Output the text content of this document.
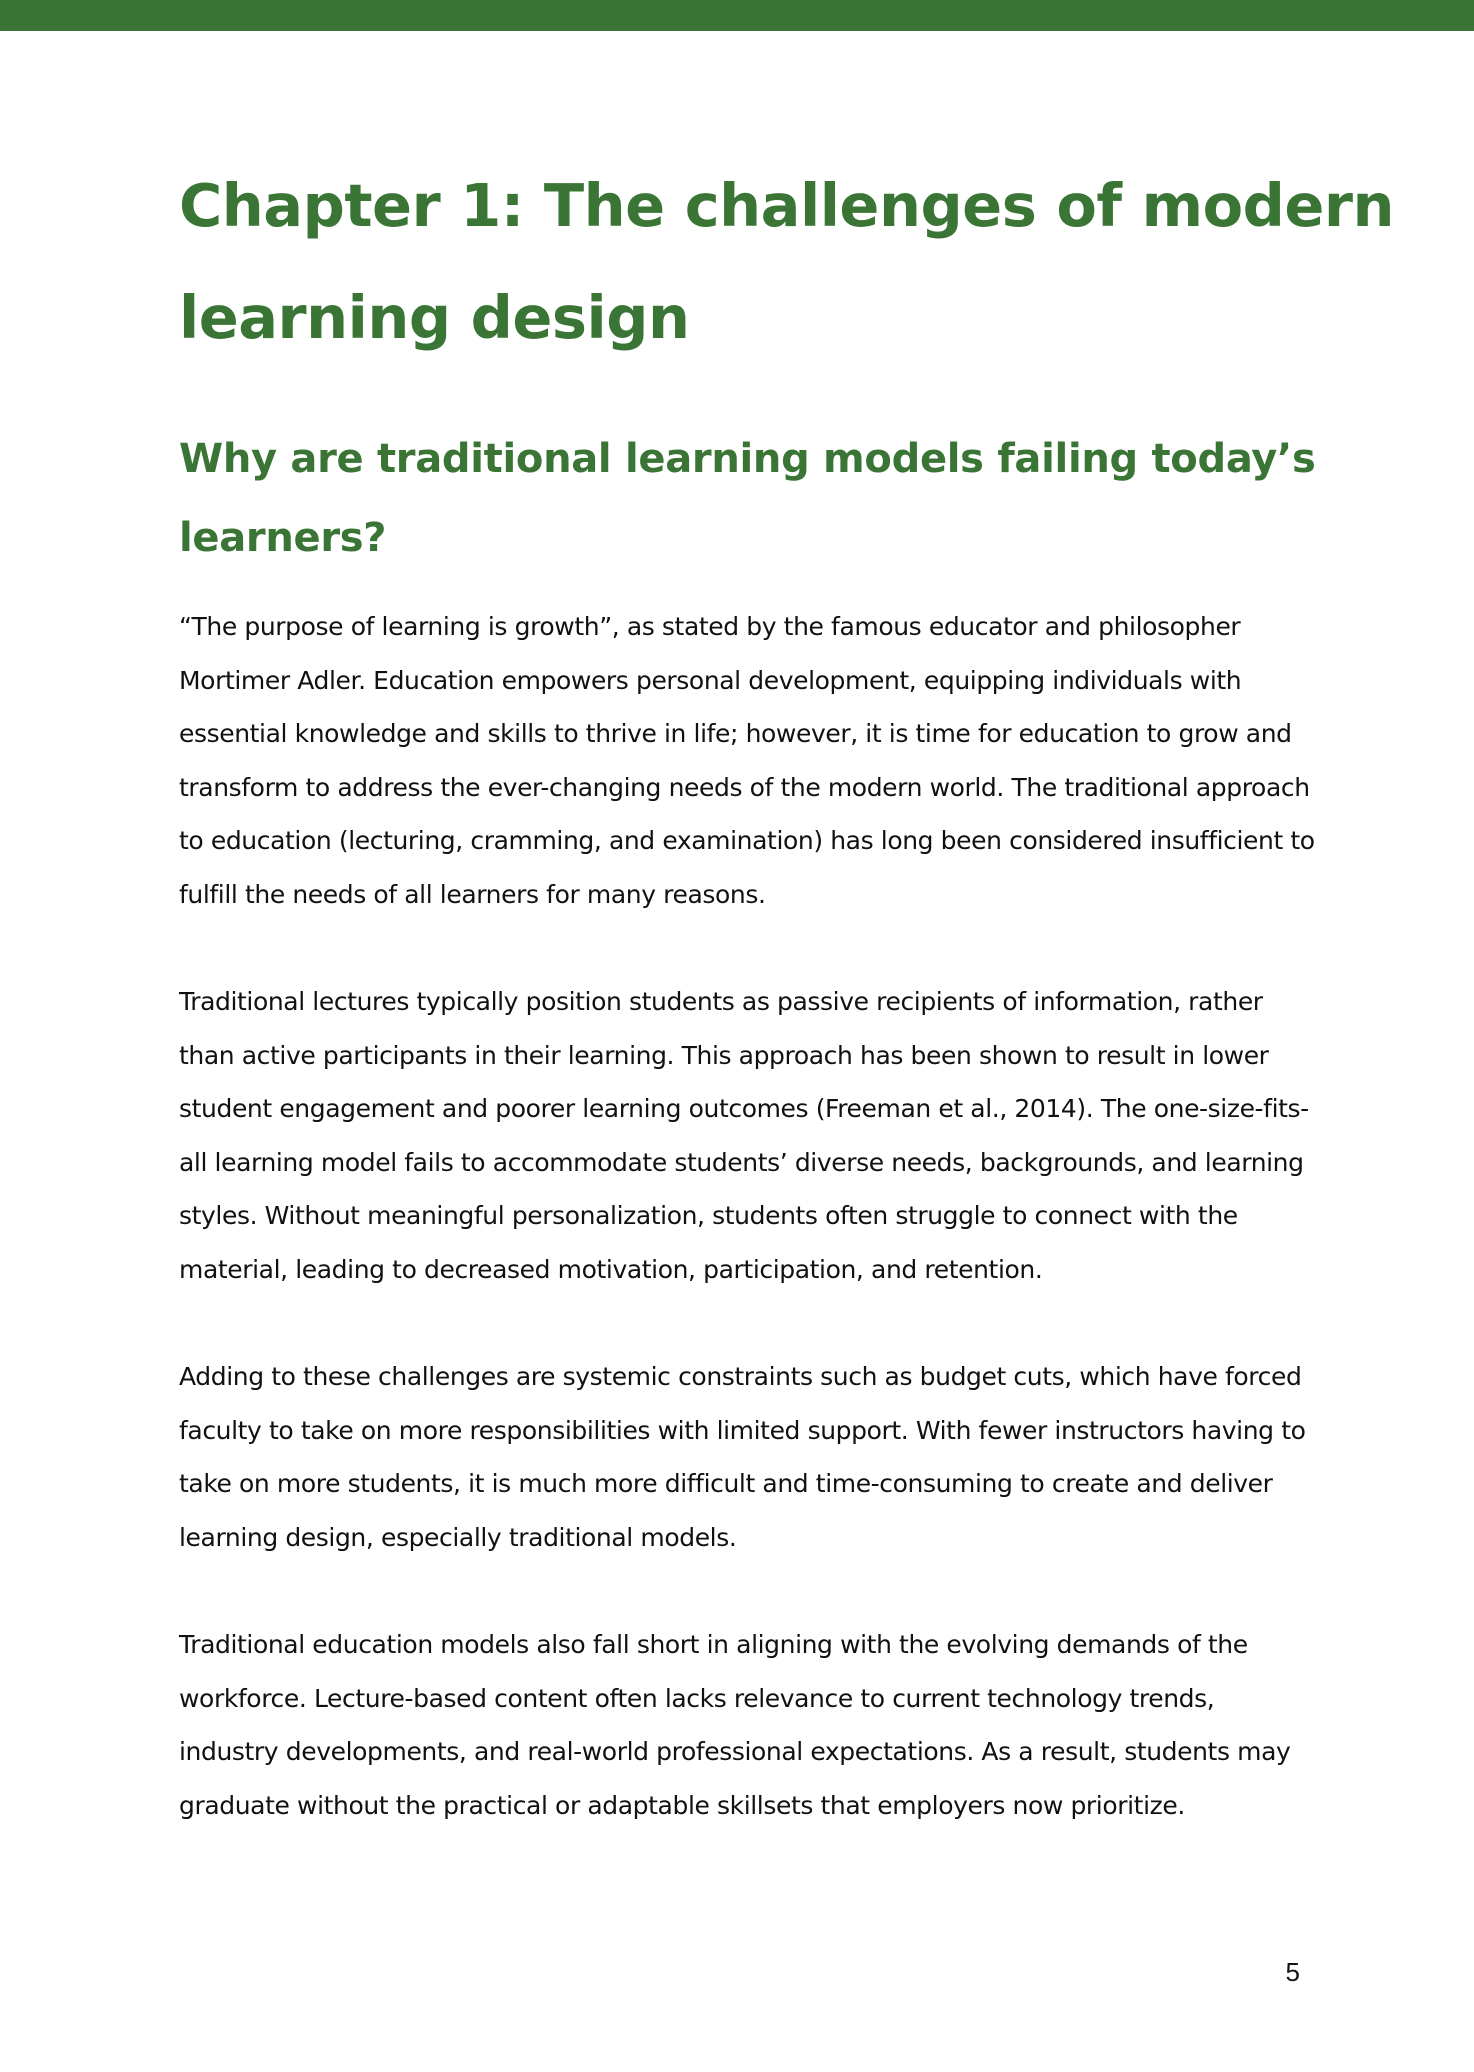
Chapter 1: The challenges of modern
learning design
Why are traditional learning models failing today’s
learners?

“The purpose of learning is growth”, as stated by the famous educator and philosopher Mortimer Adler. Education empowers personal development, equipping individuals with essential knowledge and skills to thrive in life; however, it is time for education to grow and transform to address the ever-changing needs of the modern world. The traditional approach to education (lecturing, cramming, and examination) has long been considered insufficient to fulfill the needs of all learners for many reasons.

Traditional lectures typically position students as passive recipients of information, rather than active participants in their learning. This approach has been shown to result in lower student engagement and poorer learning outcomes (Freeman et al., 2014). The one-size-fits-all learning model fails to accommodate students’ diverse needs, backgrounds, and learning styles. Without meaningful personalization, students often struggle to connect with the material, leading to decreased motivation, participation, and retention.

Adding to these challenges are systemic constraints such as budget cuts, which have forced faculty to take on more responsibilities with limited support. With fewer instructors having to take on more students, it is much more difficult and time-consuming to create and deliver learning design, especially traditional models.

Traditional education models also fall short in aligning with the evolving demands of the workforce. Lecture-based content often lacks relevance to current technology trends, industry developments, and real-world professional expectations. As a result, students may graduate without the practical or adaptable skillsets that employers now prioritize.

5
